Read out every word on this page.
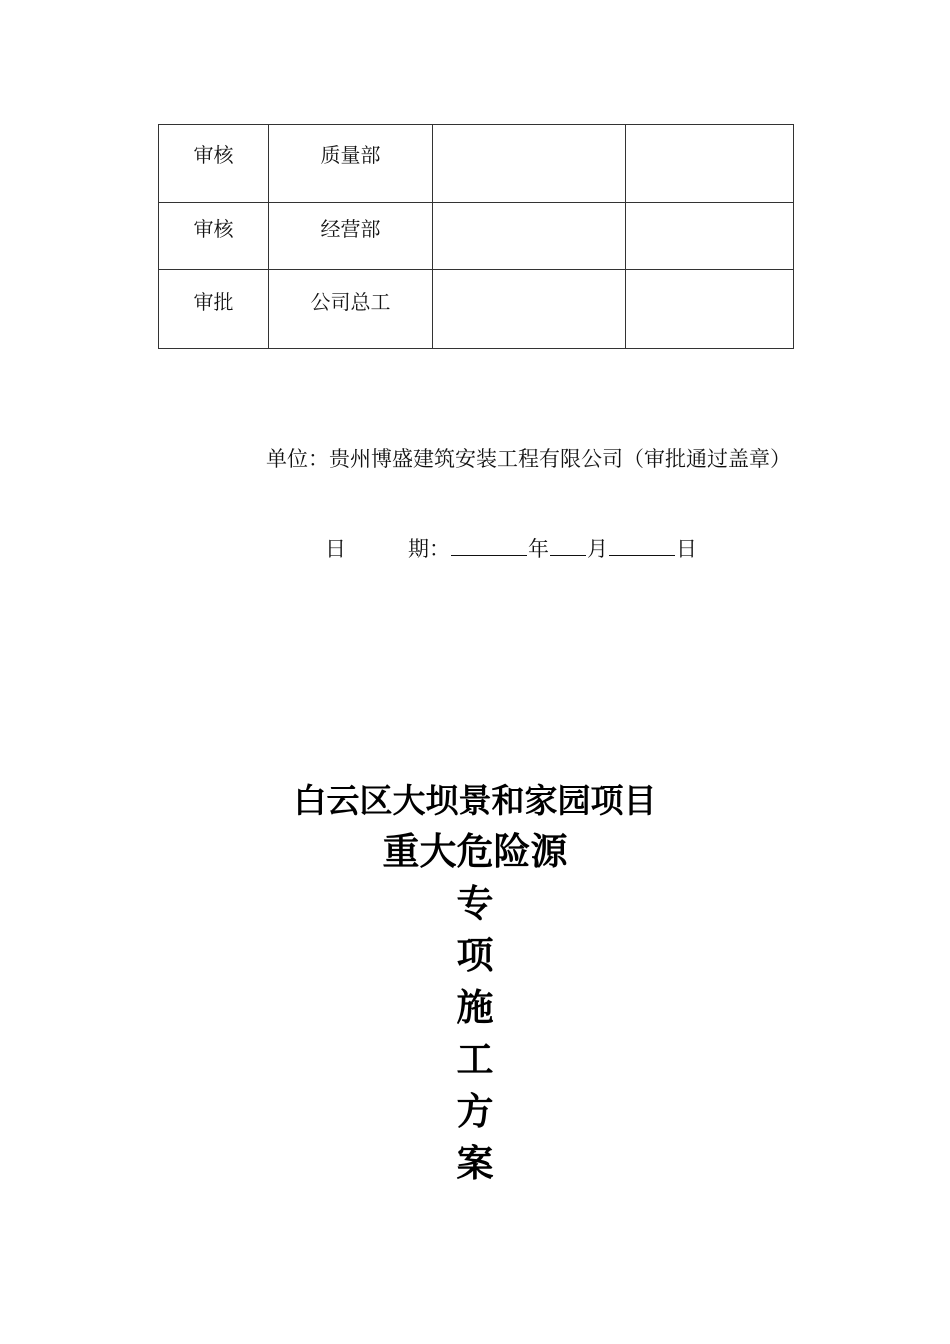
审核	质量部		
审核	经营部		
审批	公司总工		

单位：贵州博盛建筑安装工程有限公司（审批通过盖章）

日	期：	年 月	日
白云区大坝景和家园项目
重大危险源
专
项
施
工
方
案
